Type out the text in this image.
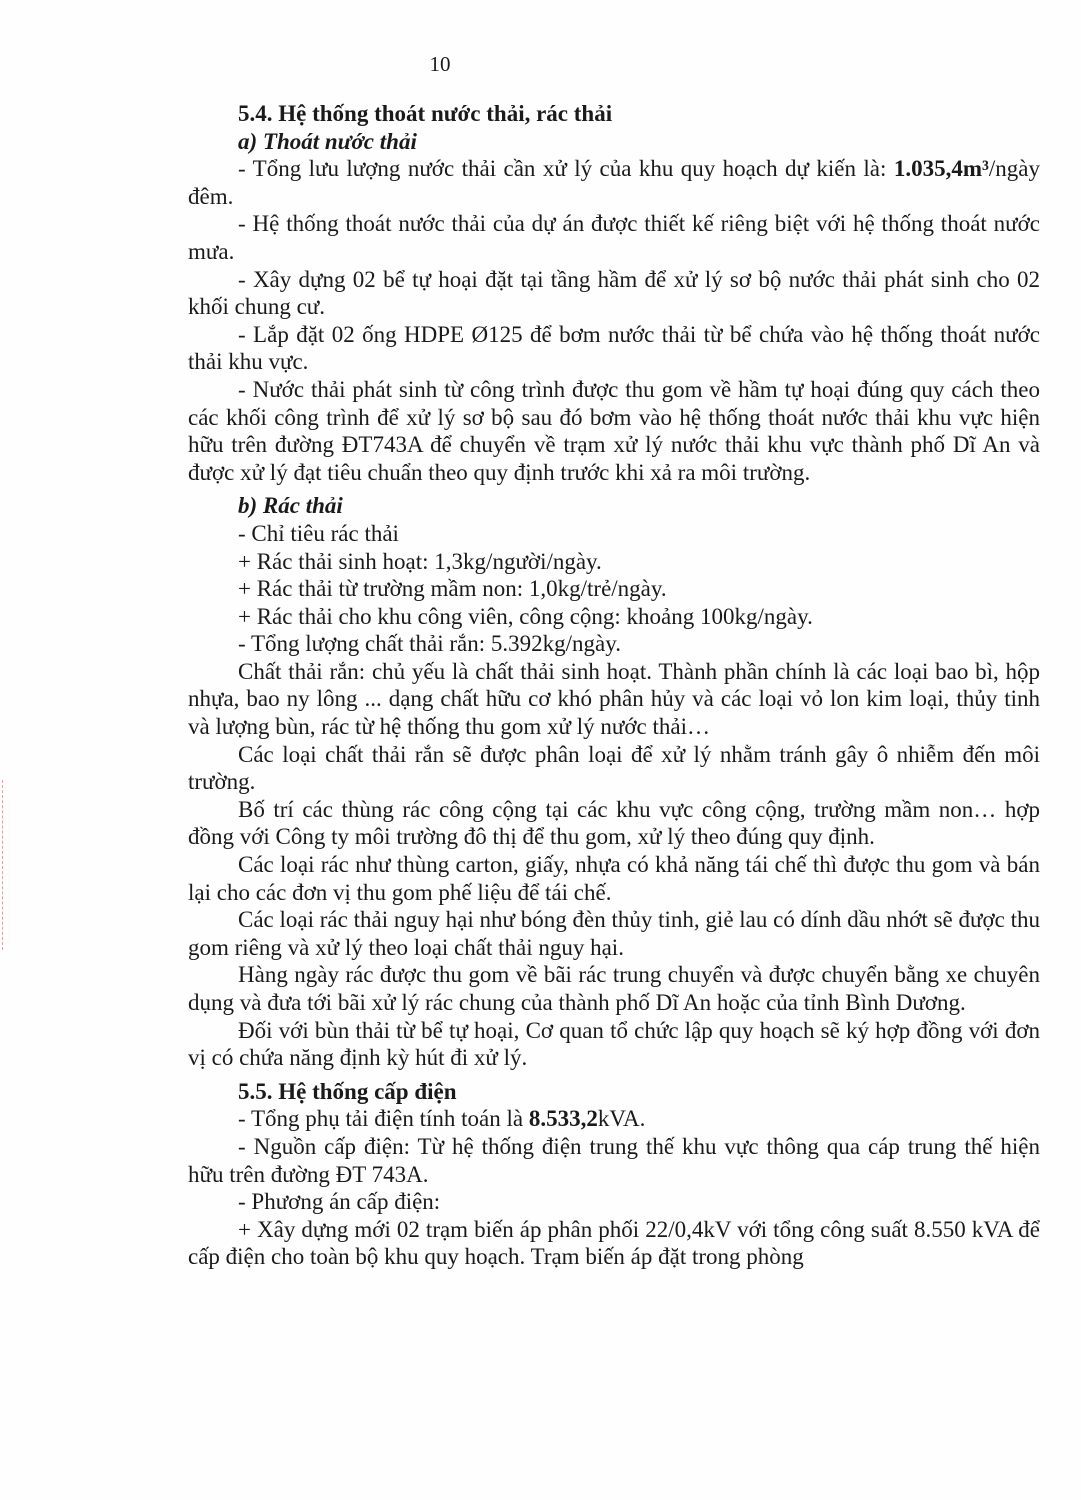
10

5.4. Hệ thống thoát nước thải, rác thải

a) Thoát nước thải

- Tổng lưu lượng nước thải cần xử lý của khu quy hoạch dự kiến là: 1.035,4m³/ngày đêm.

- Hệ thống thoát nước thải của dự án được thiết kế riêng biệt với hệ thống thoát nước mưa.

- Xây dựng 02 bể tự hoại đặt tại tầng hầm để xử lý sơ bộ nước thải phát sinh cho 02 khối chung cư.

- Lắp đặt 02 ống HDPE Ø125 để bơm nước thải từ bể chứa vào hệ thống thoát nước thải khu vực.

- Nước thải phát sinh từ công trình được thu gom về hầm tự hoại đúng quy cách theo các khối công trình để xử lý sơ bộ sau đó bơm vào hệ thống thoát nước thải khu vực hiện hữu trên đường ĐT743A để chuyển về trạm xử lý nước thải khu vực thành phố Dĩ An và được xử lý đạt tiêu chuẩn theo quy định trước khi xả ra môi trường.

b) Rác thải

- Chỉ tiêu rác thải

+ Rác thải sinh hoạt: 1,3kg/người/ngày.

+ Rác thải từ trường mầm non: 1,0kg/trẻ/ngày.

+ Rác thải cho khu công viên, công cộng: khoảng 100kg/ngày.

- Tổng lượng chất thải rắn: 5.392kg/ngày.

Chất thải rắn: chủ yếu là chất thải sinh hoạt. Thành phần chính là các loại bao bì, hộp nhựa, bao ny lông ... dạng chất hữu cơ khó phân hủy và các loại vỏ lon kim loại, thủy tinh và lượng bùn, rác từ hệ thống thu gom xử lý nước thải…

Các loại chất thải rắn sẽ được phân loại để xử lý nhằm tránh gây ô nhiễm đến môi trường.

Bố trí các thùng rác công cộng tại các khu vực công cộng, trường mầm non… hợp đồng với Công ty môi trường đô thị để thu gom, xử lý theo đúng quy định.

Các loại rác như thùng carton, giấy, nhựa có khả năng tái chế thì được thu gom và bán lại cho các đơn vị thu gom phế liệu để tái chế.

Các loại rác thải nguy hại như bóng đèn thủy tinh, giẻ lau có dính dầu nhớt sẽ được thu gom riêng và xử lý theo loại chất thải nguy hại.

Hàng ngày rác được thu gom về bãi rác trung chuyển và được chuyển bằng xe chuyên dụng và đưa tới bãi xử lý rác chung của thành phố Dĩ An hoặc của tỉnh Bình Dương.

Đối với bùn thải từ bể tự hoại, Cơ quan tổ chức lập quy hoạch sẽ ký hợp đồng với đơn vị có chứa năng định kỳ hút đi xử lý.

5.5. Hệ thống cấp điện

- Tổng phụ tải điện tính toán là 8.533,2kVA.

- Nguồn cấp điện: Từ hệ thống điện trung thế khu vực thông qua cáp trung thế hiện hữu trên đường ĐT 743A.

- Phương án cấp điện:

+ Xây dựng mới 02 trạm biến áp phân phối 22/0,4kV với tổng công suất 8.550 kVA để cấp điện cho toàn bộ khu quy hoạch. Trạm biến áp đặt trong phòng
